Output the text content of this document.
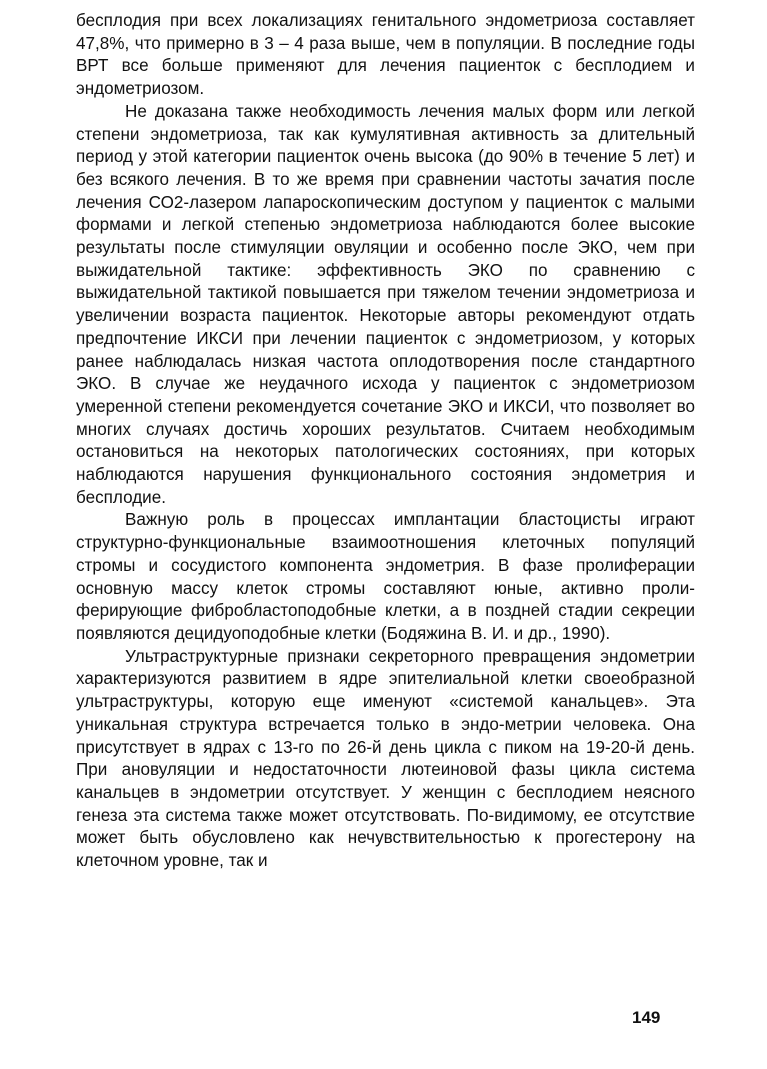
бесплодия при всех локализациях генитального эндометриоза составляет 47,8%, что примерно в 3 – 4 раза выше, чем в популяции. В последние годы ВРТ все больше применяют для лечения пациенток с бесплодием и эндометриозом.

Не доказана также необходимость лечения малых форм или легкой степени эндометриоза, так как кумулятивная активность за длительный период у этой категории пациенток очень высока (до 90% в течение 5 лет) и без всякого лечения. В то же время при сравнении частоты зачатия после лечения СО2-лазером лапароскопическим доступом у пациенток с малыми формами и легкой степенью эндометриоза наблюдаются более высокие результаты после стимуляции овуляции и особенно после ЭКО, чем при выжидательной тактике: эффективность ЭКО по сравнению с выжидательной тактикой повышается при тяжелом течении эндометриоза и увеличении возраста пациенток. Некоторые авторы рекомендуют отдать предпочтение ИКСИ при лечении пациенток с эндометриозом, у которых ранее наблюдалась низкая частота оплодотворения после стандартного ЭКО. В случае же неудачного исхода у пациенток с эндометриозом умеренной степени рекомендуется сочетание ЭКО и ИКСИ, что позволяет во многих случаях достичь хороших результатов. Считаем необходимым остановиться на некоторых патологических состояниях, при которых наблюдаются нарушения функционального состояния эндометрия и бесплодие.

Важную роль в процессах имплантации бластоцисты играют структурно-функциональные взаимоотношения клеточных популяций стромы и сосудистого компонента эндометрия. В фазе пролиферации основную массу клеток стромы составляют юные, активно проли-ферирующие фибробластоподобные клетки, а в поздней стадии секреции появляются децидуоподобные клетки (Бодяжина В. И. и др., 1990).

Ультраструктурные признаки секреторного превращения эндометрии характеризуются развитием в ядре эпителиальной клетки своеобразной ультраструктуры, которую еще именуют «системой канальцев». Эта уникальная структура встречается только в эндо-метрии человека. Она присутствует в ядрах с 13-го по 26-й день цикла с пиком на 19-20-й день. При ановуляции и недостаточности лютеиновой фазы цикла система канальцев в эндометрии отсутствует. У женщин с бесплодием неясного генеза эта система также может отсутствовать. По-видимому, ее отсутствие может быть обусловлено как нечувствительностью к прогестерону на клеточном уровне, так и

149
